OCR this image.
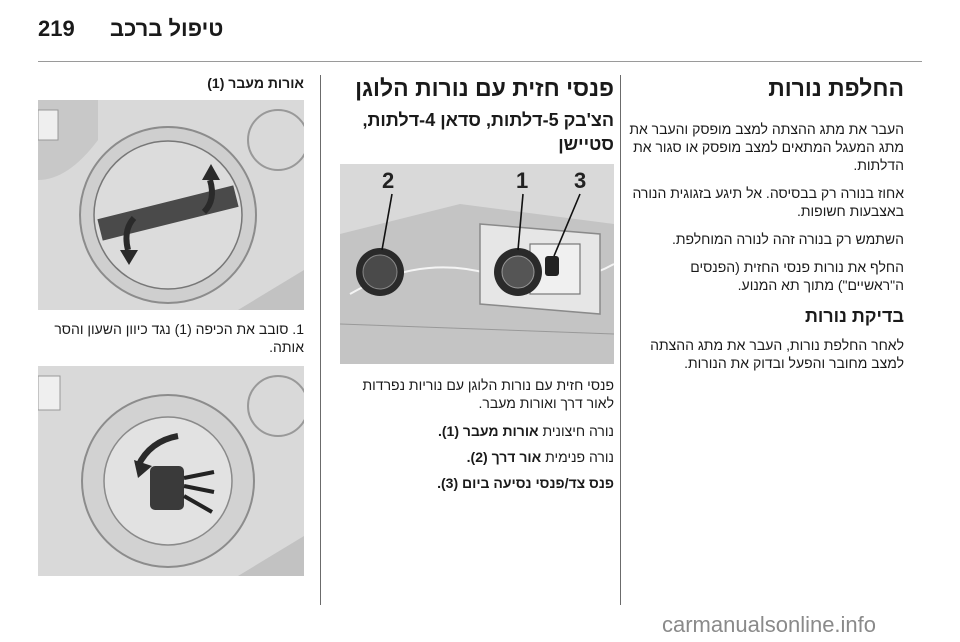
219 טיפול ברכב
החלפת נורות

העבר את מתג ההצתה למצב מופסק והעבר את מתג המעגל המתאים למצב מופסק או סגור את הדלתות.

אחוז בנורה רק בבסיסה. אל תיגע בזגוגית הנורה באצבעות חשופות.

השתמש רק בנורה זהה לנורה המוחלפת.

החלף את נורות פנסי החזית (הפנסים ה"ראשיים") מתוך תא המנוע.

בדיקת נורות

לאחר החלפת נורות, העבר את מתג ההצתה למצב מחובר והפעל ובדוק את הנורות.

פנסי חזית עם נורות הלוגן
הצ'בק 5-דלתות, סדאן 4-דלתות, סטיישן
2	1 3

פנסי חזית עם נורות הלוגן עם נוריות נפרדות לאור דרך ואורות מעבר.

נורה חיצונית אורות מעבר (1).
נורה פנימית אור דרך (2).
פנס צד/פנסי נסיעה ביום (3).
אורות מעבר (1)
1. סובב את הכיפה (1) נגד כיוון השעון והסר אותה.
carmanualsonline.info
